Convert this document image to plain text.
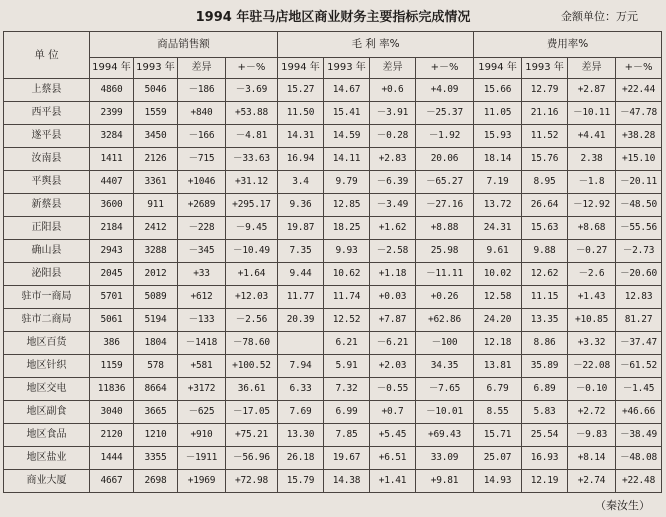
1994 年驻马店地区商业财务主要指标完成情况	金额单位：万元
单 位	商品销售额				毛 利 率%				费用率%			
	1994 年	1993 年	差异	+－%	1994 年	1993 年	差异	+－%	1994 年	1993 年	差异	+－%
上蔡县	4860	5046	－186	－3.69	15.27	14.67	+0.6	+4.09	15.66	12.79	+2.87	+22.44
西平县	2399	1559	+840	+53.88	11.50	15.41	－3.91	－25.37	11.05	21.16	－10.11	－47.78
遂平县	3284	3450	－166	－4.81	14.31	14.59	－0.28	－1.92	15.93	11.52	+4.41	+38.28
汝南县	1411	2126	－715	－33.63	16.94	14.11	+2.83	20.06	18.14	15.76	2.38	+15.10
平舆县	4407	3361	+1046	+31.12	3.4	9.79	－6.39	－65.27	7.19	8.95	－1.8	－20.11
新蔡县	3600	911	+2689	+295.17	9.36	12.85	－3.49	－27.16	13.72	26.64	－12.92	－48.50
正阳县	2184	2412	－228	－9.45	19.87	18.25	+1.62	+8.88	24.31	15.63	+8.68	－55.56
确山县	2943	3288	－345	－10.49	7.35	9.93	－2.58	25.98	9.61	9.88	－0.27	－2.73
泌阳县	2045	2012	+33	+1.64	9.44	10.62	+1.18	－11.11	10.02	12.62	－2.6	－20.60
驻市一商局	5701	5089	+612	+12.03	11.77	11.74	+0.03	+0.26	12.58	11.15	+1.43	12.83
驻市二商局	5061	5194	－133	－2.56	20.39	12.52	+7.87	+62.86	24.20	13.35	+10.85	81.27
地区百货	386	1804	－1418	－78.60		6.21	－6.21	－100	12.18	8.86	+3.32	－37.47
地区针织	1159	578	+581	+100.52	7.94	5.91	+2.03	34.35	13.81	35.89	－22.08	－61.52
地区交电	11836	8664	+3172	36.61	6.33	7.32	－0.55	－7.65	6.79	6.89	－0.10	－1.45
地区副食	3040	3665	－625	－17.05	7.69	6.99	+0.7	－10.01	8.55	5.83	+2.72	+46.66
地区食品	2120	1210	+910	+75.21	13.30	7.85	+5.45	+69.43	15.71	25.54	－9.83	－38.49
地区盐业	1444	3355	－1911	－56.96	26.18	19.67	+6.51	33.09	25.07	16.93	+8.14	－48.08
商业大厦	4667	2698	+1969	+72.98	15.79	14.38	+1.41	+9.81	14.93	12.19	+2.74	+22.48
（秦汝生）
